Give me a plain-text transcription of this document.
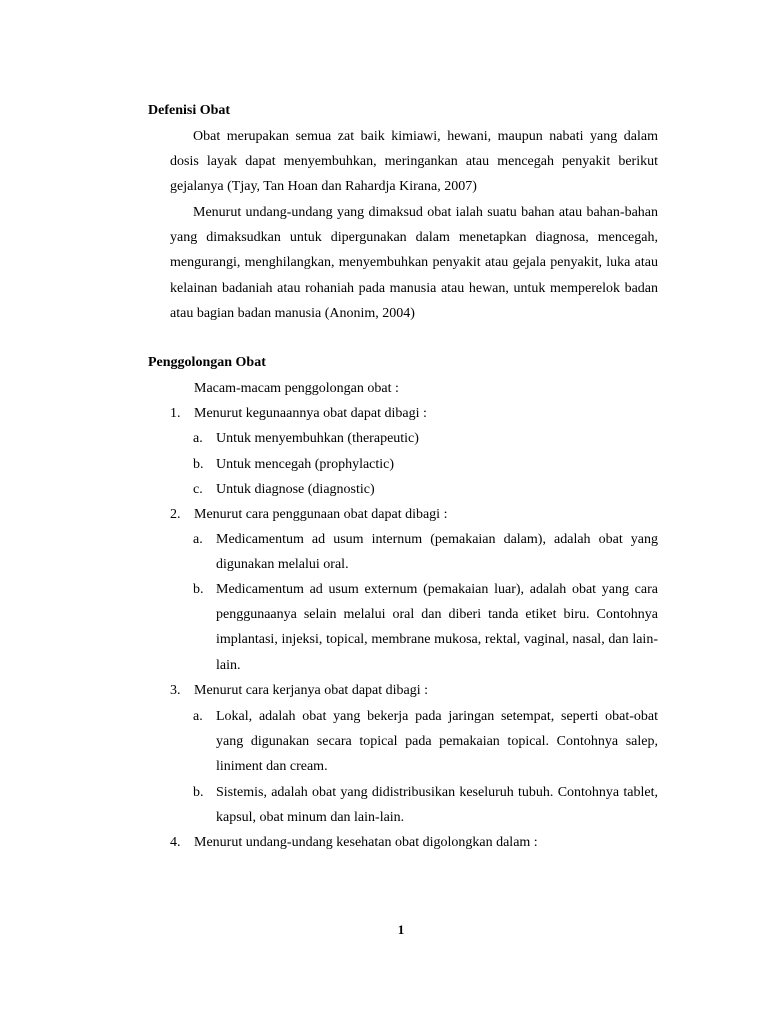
Defenisi Obat

Obat merupakan semua zat baik kimiawi, hewani, maupun nabati yang dalam dosis layak dapat menyembuhkan, meringankan atau mencegah penyakit berikut gejalanya (Tjay, Tan Hoan dan Rahardja Kirana, 2007)

Menurut undang-undang yang dimaksud obat ialah suatu bahan atau bahan-bahan yang dimaksudkan untuk dipergunakan dalam menetapkan diagnosa, mencegah, mengurangi, menghilangkan, menyembuhkan penyakit atau gejala penyakit, luka atau kelainan badaniah atau rohaniah pada manusia atau hewan, untuk memperelok badan atau bagian badan manusia (Anonim, 2004)

Penggolongan Obat
Macam-macam penggolongan obat :
1. Menurut kegunaannya obat dapat dibagi :
a. Untuk menyembuhkan (therapeutic)
b. Untuk mencegah (prophylactic)
c. Untuk diagnose (diagnostic)
2. Menurut cara penggunaan obat dapat dibagi :
a. Medicamentum ad usum internum (pemakaian dalam), adalah obat yang digunakan melalui oral.

b. Medicamentum ad usum externum (pemakaian luar), adalah obat yang cara penggunaanya selain melalui oral dan diberi tanda etiket biru. Contohnya implantasi, injeksi, topical, membrane mukosa, rektal, vaginal, nasal, dan lain-lain.

3. Menurut cara kerjanya obat dapat dibagi :
a. Lokal, adalah obat yang bekerja pada jaringan setempat, seperti obat-obat yang digunakan secara topical pada pemakaian topical. Contohnya salep, liniment dan cream.

b. Sistemis, adalah obat yang didistribusikan keseluruh tubuh. Contohnya tablet, kapsul, obat minum dan lain-lain.

4. Menurut undang-undang kesehatan obat digolongkan dalam :
1
